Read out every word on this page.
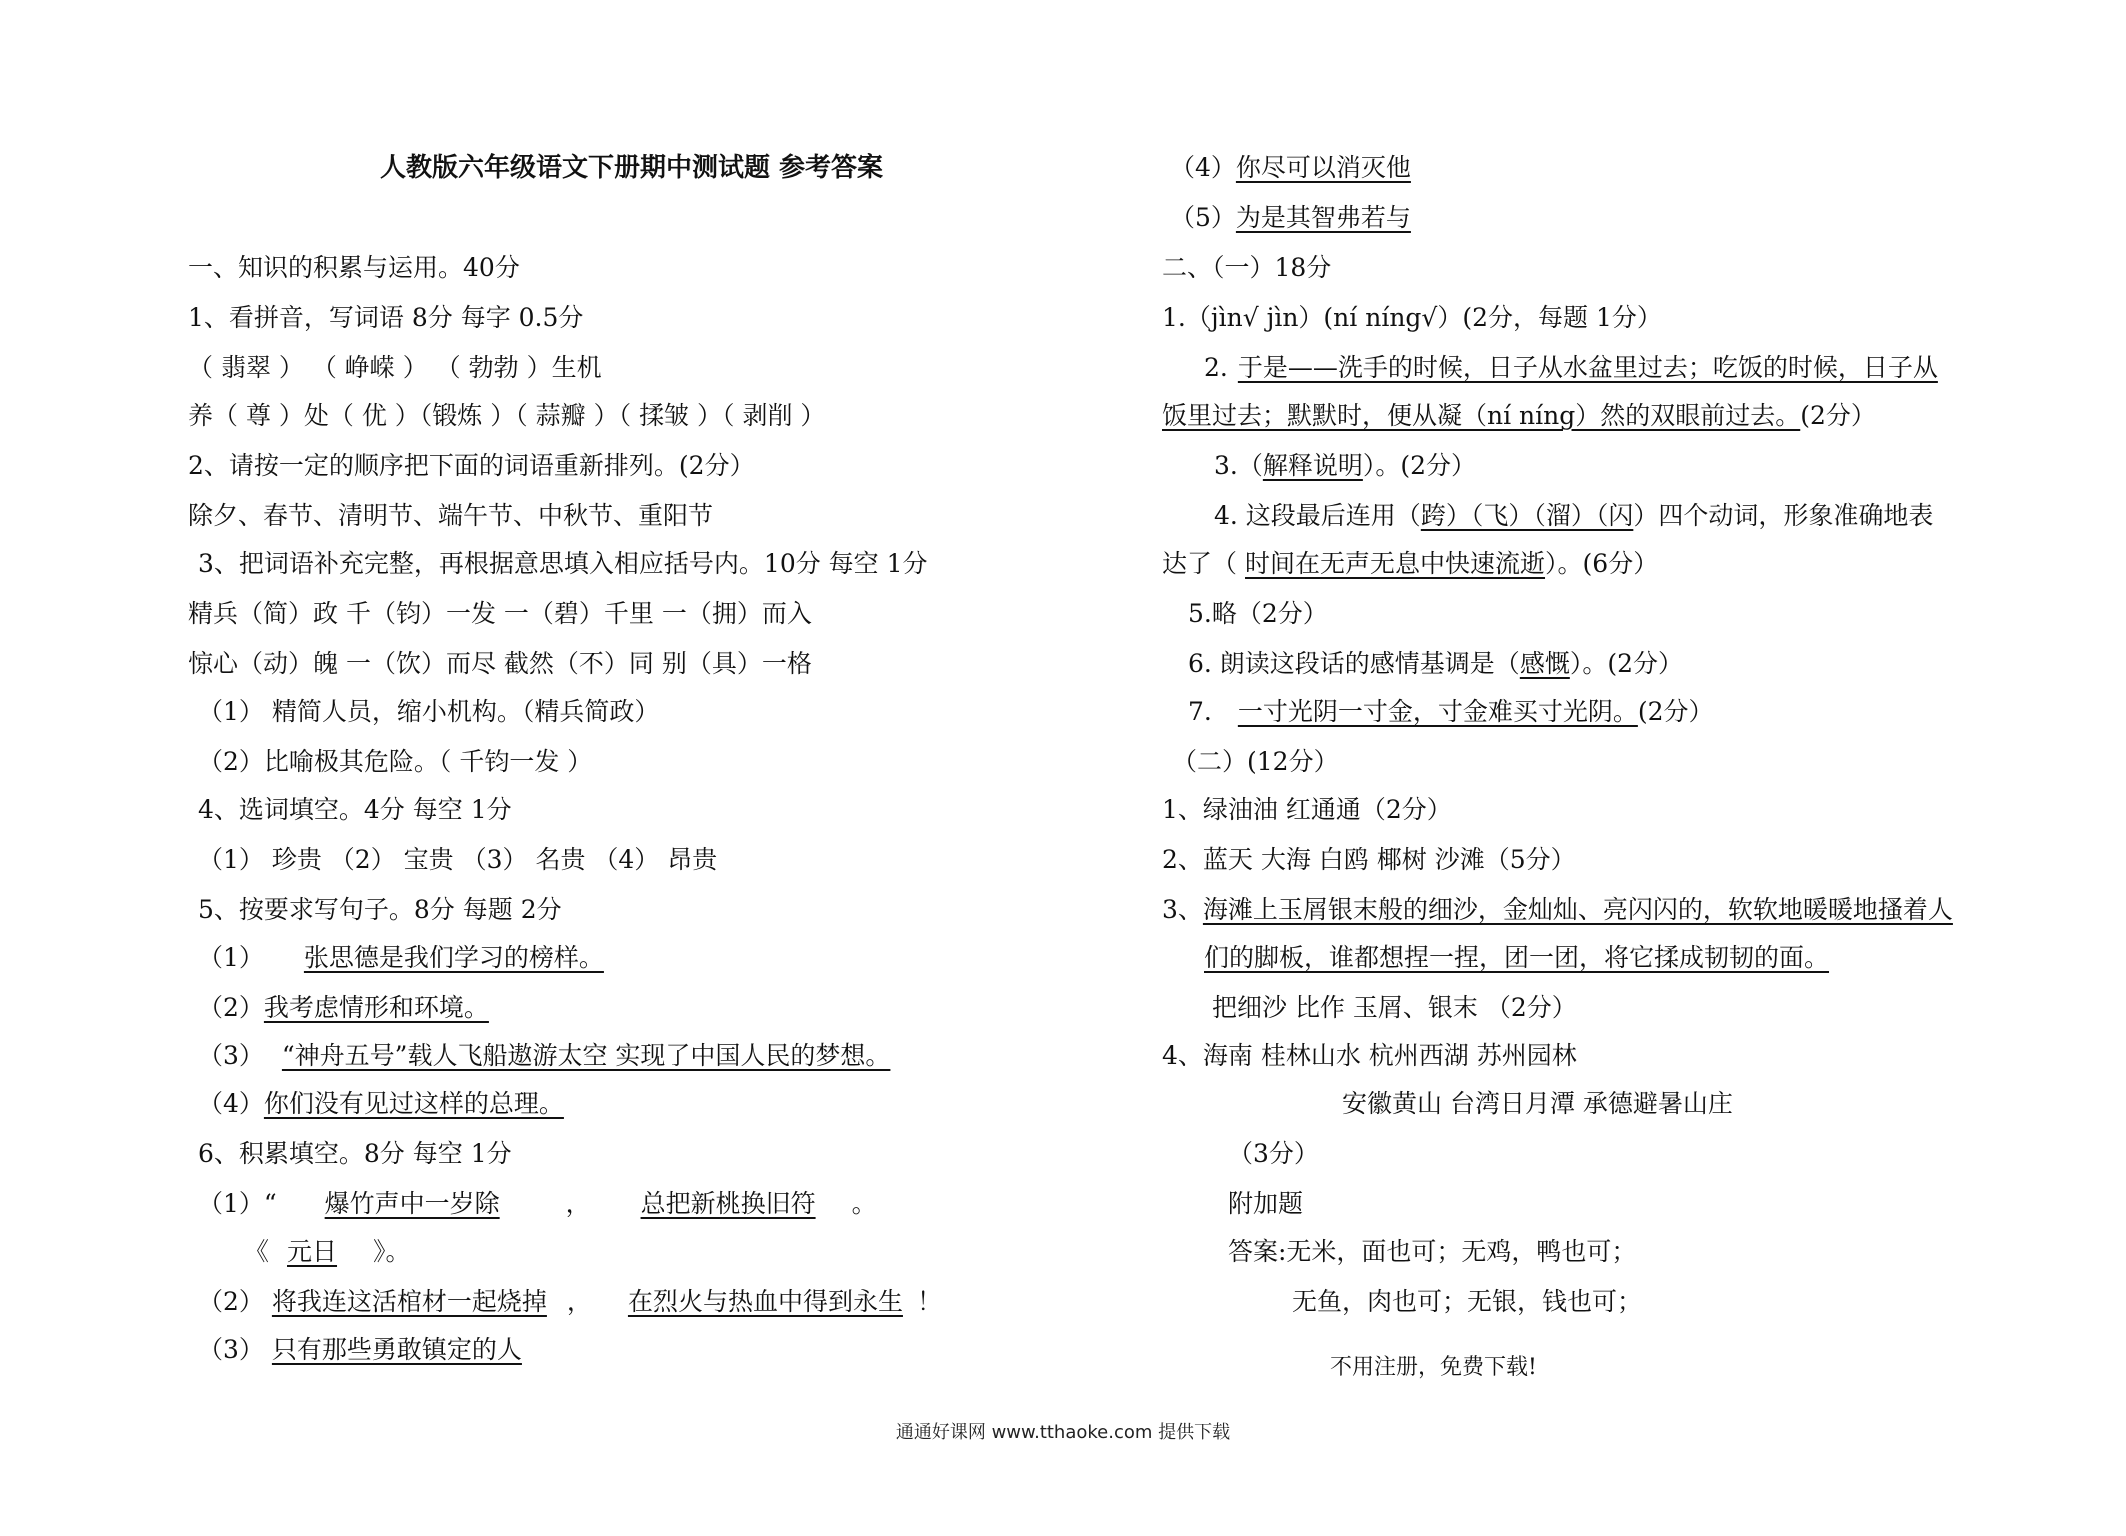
人教版六年级语文下册期中测试题 参考答案
一、知识的积累与运用。40分
1、看拼音，写词语 8分 每字 0.5分
（ 翡翠 ） （ 峥嵘 ） （ 勃勃 ）生机
养（ 尊 ）处（ 优 ）（锻炼 ）（ 蒜瓣 ）（ 揉皱 ）（ 剥削 ）
2、请按一定的顺序把下面的词语重新排列。(2分）
除夕、春节、清明节、端午节、中秋节、重阳节
3、把词语补充完整，再根据意思填入相应括号内。10分 每空 1分
精兵（简）政 千（钧）一发 一（碧）千里 一（拥）而入
惊心（动）魄 一（饮）而尽 截然（不）同 别（具）一格
（1） 精简人员，缩小机构。（精兵简政）
（2）比喻极其危险。（ 千钧一发 ）
4、选词填空。4分 每空 1分
（1） 珍贵 （2） 宝贵 （3） 名贵 （4） 昂贵
5、按要求写句子。8分 每题 2分
（1） 张思德是我们学习的榜样。
（2）我考虑情形和环境。
（3） “神舟五号”载人飞船遨游太空 实现了中国人民的梦想。
（4）你们没有见过这样的总理。
6、积累填空。8分 每空 1分
（1）“ 爆竹声中一岁除	， 总把新桃换旧符 。
《 元日 》。
（2） 将我连这活棺材一起烧掉 ， 在烈火与热血中得到永生 ！
（3） 只有那些勇敢镇定的人
（4）你尽可以消灭他
（5）为是其智弗若与
二、（一）18分
1.（jìn√ jìn）(ní níng√）(2分，每题 1分）
2. 于是——洗手的时候，日子从水盆里过去；吃饭的时候，日子从
饭里过去；默默时，便从凝（ní níng）然的双眼前过去。(2分）
3.（解释说明）。(2分）
4. 这段最后连用（跨）（飞）（溜）（闪）四个动词，形象准确地表
达了（ 时间在无声无息中快速流逝）。(6分）
5.略（2分）
6. 朗读这段话的感情基调是（感慨）。(2分）
7. 一寸光阴一寸金，寸金难买寸光阴。(2分）
（二）(12分）
1、绿油油 红通通（2分）
2、蓝天 大海 白鸥 椰树 沙滩（5分）
3、海滩上玉屑银末般的细沙，金灿灿、亮闪闪的，软软地暖暖地搔着人
们的脚板，谁都想捏一捏，团一团，将它揉成韧韧的面。
把细沙 比作 玉屑、银末 （2分）
4、海南 桂林山水 杭州西湖 苏州园林
安徽黄山 台湾日月潭 承德避暑山庄
（3分）
附加题
答案:无米，面也可；无鸡，鸭也可；
无鱼，肉也可；无银，钱也可；
不用注册，免费下载!
通通好课网 www.tthaoke.com 提供下载
